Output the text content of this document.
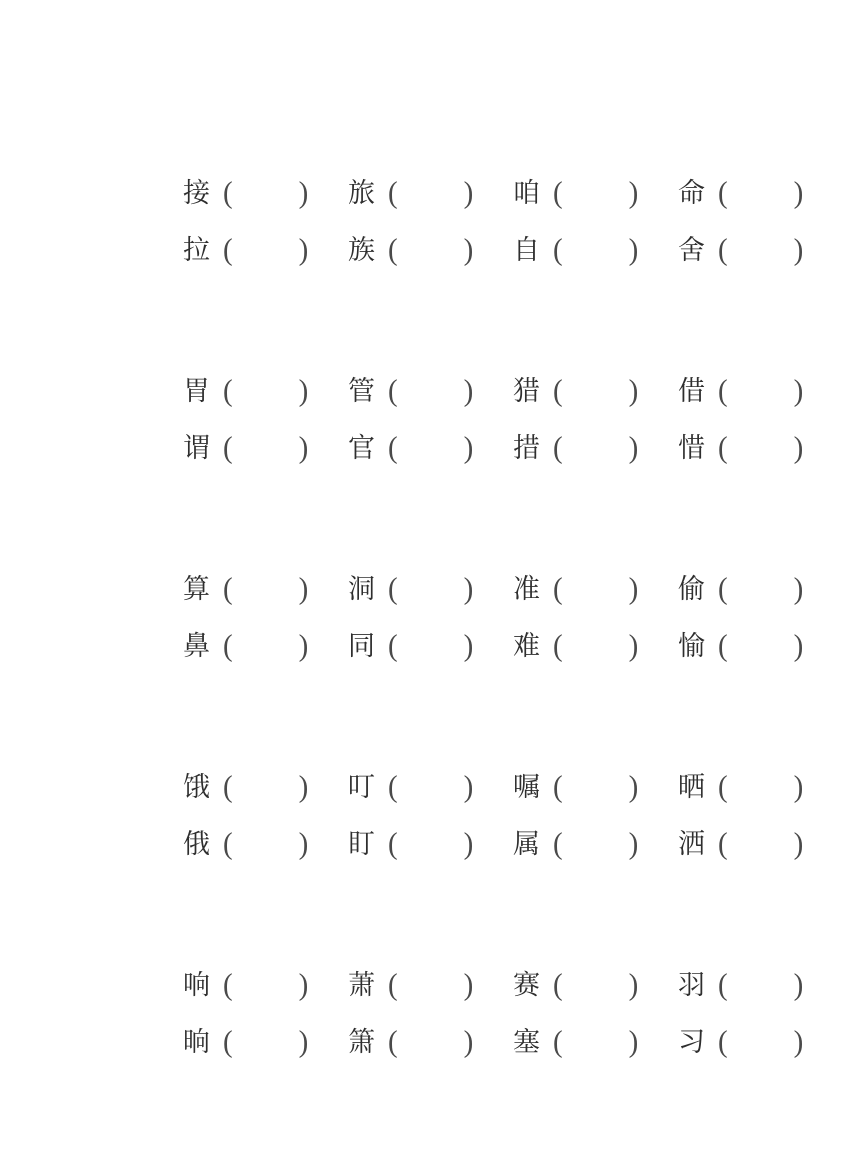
接 ( ) 旅 ( ) 咱 ( ) 命 ( )
拉 ( ) 族 ( ) 自 ( ) 舍 ( )
胃 ( ) 管 ( ) 猎 ( ) 借 ( )
谓 ( ) 官 ( ) 措 ( ) 惜 ( )
算 ( ) 洞 ( ) 准 ( ) 偷 ( )
鼻 ( ) 同 ( ) 难 ( ) 愉 ( )
饿 ( ) 叮 ( ) 嘱 ( ) 晒 ( )
俄 ( ) 盯 ( ) 属 ( ) 洒 ( )
响 ( ) 萧 ( ) 赛 ( ) 羽 ( )
晌 ( ) 箫 ( ) 塞 ( ) 习 ( )
